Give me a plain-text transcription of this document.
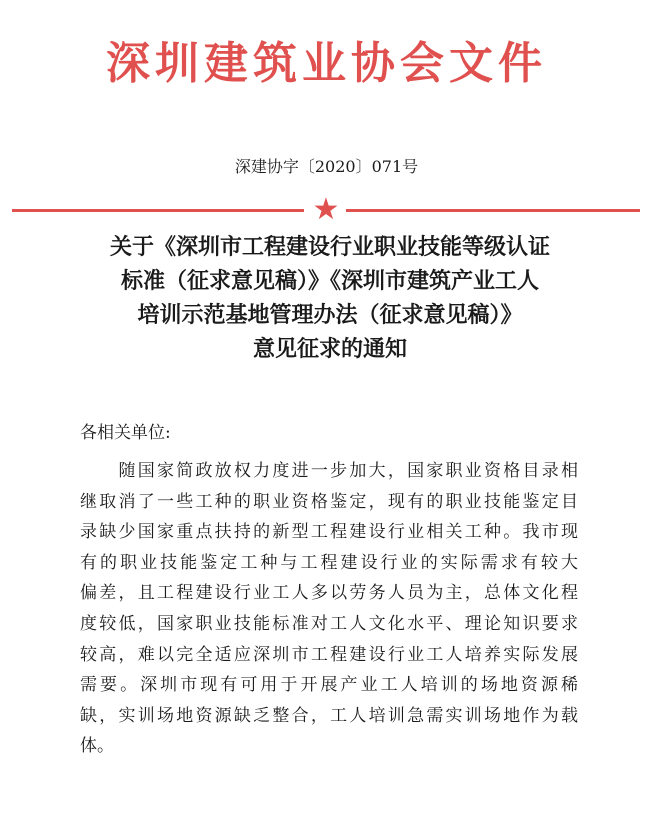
深圳建筑业协会文件
深建协字〔2020〕071号
★
关于《深圳市工程建设行业职业技能等级认证
标准（征求意见稿）》《深圳市建筑产业工人
培训示范基地管理办法（征求意见稿）》
意见征求的通知
各相关单位:
　　随国家简政放权力度进一步加大，国家职业资格目录相
继取消了一些工种的职业资格鉴定，现有的职业技能鉴定目
录缺少国家重点扶持的新型工程建设行业相关工种。我市现
有的职业技能鉴定工种与工程建设行业的实际需求有较大
偏差，且工程建设行业工人多以劳务人员为主，总体文化程
度较低，国家职业技能标准对工人文化水平、理论知识要求
较高，难以完全适应深圳市工程建设行业工人培养实际发展
需要。深圳市现有可用于开展产业工人培训的场地资源稀
缺，实训场地资源缺乏整合，工人培训急需实训场地作为载
体。
